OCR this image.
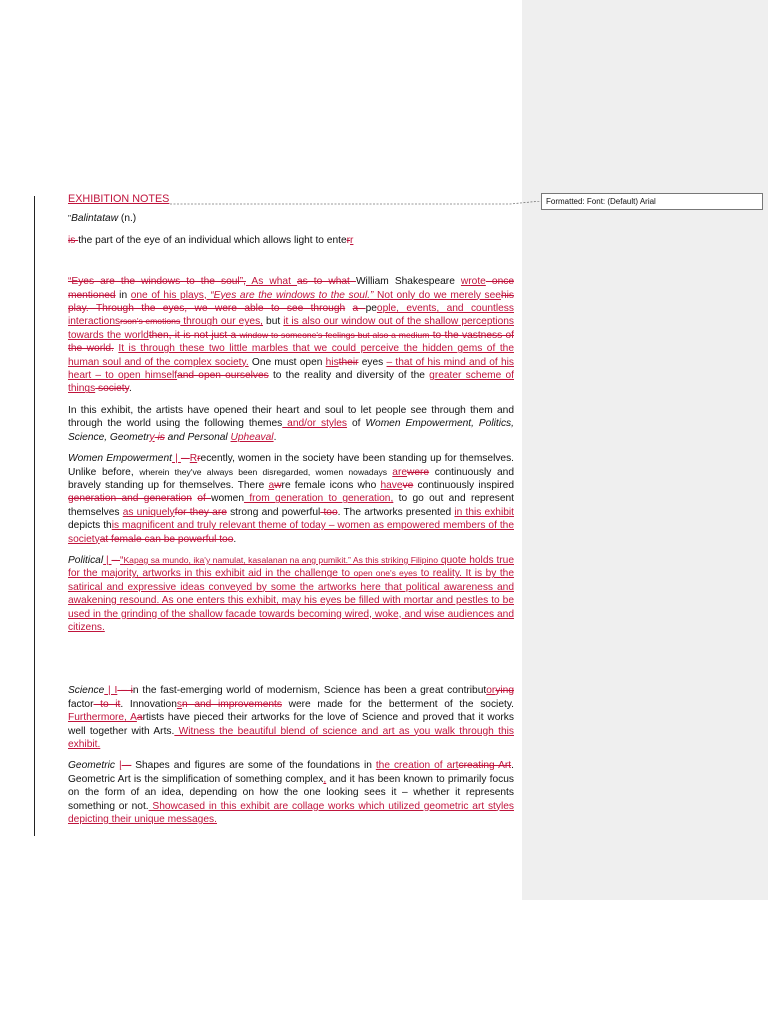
Formatted: Font: (Default) Arial

EXHIBITION NOTES

"Balintataw (n.)

is the part of the eye of an individual which allows light to enterr

“Eyes are the windows to the soul”, As what as to what William Shakespeare wrote once mentioned in one of his plays, “Eyes are the windows to the soul.” Not only do we merely seehis play. Through the eyes, we were able to see through a people, events, and countless interactionsrson's emotions through our eyes, but it is also our window out of the shallow perceptions towards the worldthen, it is not just a window to someone's feelings but also a medium to the vastness of the world. It is through these two little marbles that we could perceive the hidden gems of the human soul and of the complex society. One must open histheir eyes – that of his mind and of his heart – to open himselfand open ourselves to the reality and diversity of the greater scheme of things society.

In this exhibit, the artists have opened their heart and soul to let people see through them and through the world using the following themes and/or styles of Women Empowerment, Politics, Science, Geometry is and Personal Upheaval.

Women Empowerment | – Rrecently, women in the society have been standing up for themselves. Unlike before, wherein they've always been disregarded, women nowadays arewere continuously and bravely standing up for themselves. There awre female icons who haveve continuously inspired generation and generation of women from generation to generation, to go out and represent themselves as uniquelyfor they are strong and powerful too. The artworks presented in this exhibit depicts this magnificent and truly relevant theme of today – women as empowered members of the societyat female can be powerful too.

Political | – “Kapag sa mundo, ika'y namulat, kasalanan na ang pumikit.” As this striking Filipino quote holds true for the majority, artworks in this exhibit aid in the challenge to open one's eyes to reality. It is by the satirical and expressive ideas conveyed by some the artworks here that political awareness and awakening resound. As one enters this exhibit, may his eyes be filled with mortar and pestles to be used in the grinding of the shallow facade towards becoming wired, woke, and wise audiences and citizens.

Science | I – in the fast-emerging world of modernism, Science has been a great contributorying factor to it. Innovationsn and improvements were made for the betterment of the society. Furthermore, Aartists have pieced their artworks for the love of Science and proved that it works well together with Arts. Witness the beautiful blend of science and art as you walk through this exhibit.

Geometric | – Shapes and figures are some of the foundations in the creation of artcreating Art. Geometric Art is the simplification of something complex, and it has been known to primarily focus on the form of an idea, depending on how the one looking sees it – whether it represents something or not. Showcased in this exhibit are collage works which utilized geometric art styles depicting their unique messages.
